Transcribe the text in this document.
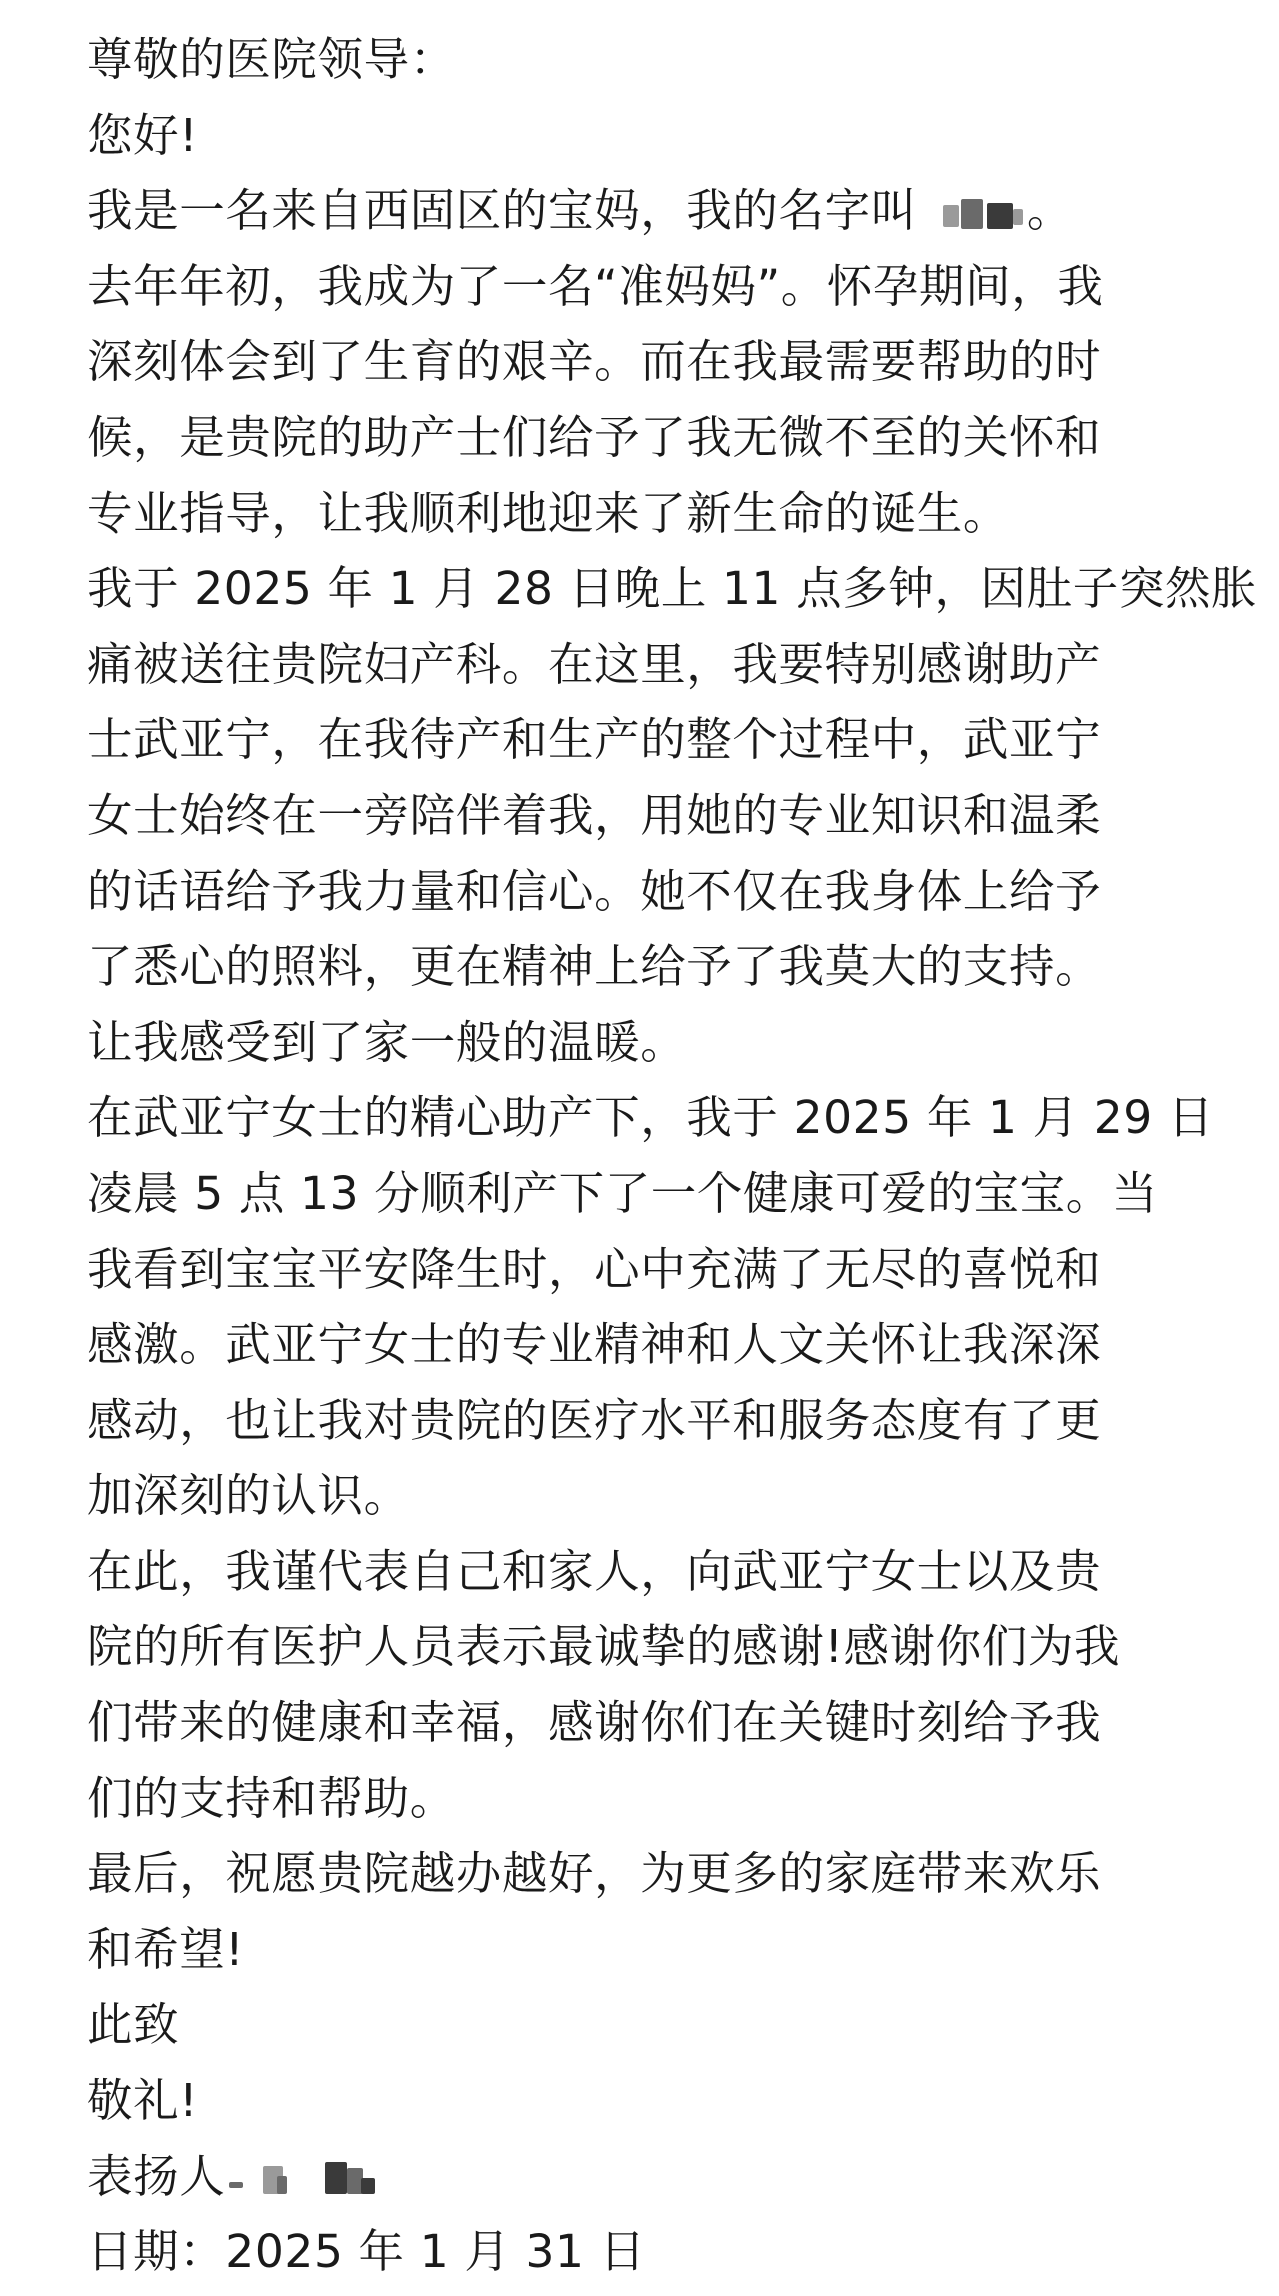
尊敬的医院领导：
您好!
我是一名来自西固区的宝妈，我的名字叫 。
去年年初，我成为了一名“准妈妈”。怀孕期间，我
深刻体会到了生育的艰辛。而在我最需要帮助的时
候，是贵院的助产士们给予了我无微不至的关怀和
专业指导，让我顺利地迎来了新生命的诞生。
我于 2025 年 1 月 28 日晚上 11 点多钟，因肚子突然胀
痛被送往贵院妇产科。在这里，我要特别感谢助产
士武亚宁，在我待产和生产的整个过程中，武亚宁
女士始终在一旁陪伴着我，用她的专业知识和温柔
的话语给予我力量和信心。她不仅在我身体上给予
了悉心的照料，更在精神上给予了我莫大的支持。
让我感受到了家一般的温暖。
在武亚宁女士的精心助产下，我于 2025 年 1 月 29 日
凌晨 5 点 13 分顺利产下了一个健康可爱的宝宝。当
我看到宝宝平安降生时，心中充满了无尽的喜悦和
感激。武亚宁女士的专业精神和人文关怀让我深深
感动，也让我对贵院的医疗水平和服务态度有了更
加深刻的认识。
在此，我谨代表自己和家人，向武亚宁女士以及贵
院的所有医护人员表示最诚挚的感谢!感谢你们为我
们带来的健康和幸福，感谢你们在关键时刻给予我
们的支持和帮助。
最后，祝愿贵院越办越好，为更多的家庭带来欢乐
和希望!
此致
敬礼!
表扬人
日期：2025 年 1 月 31 日
